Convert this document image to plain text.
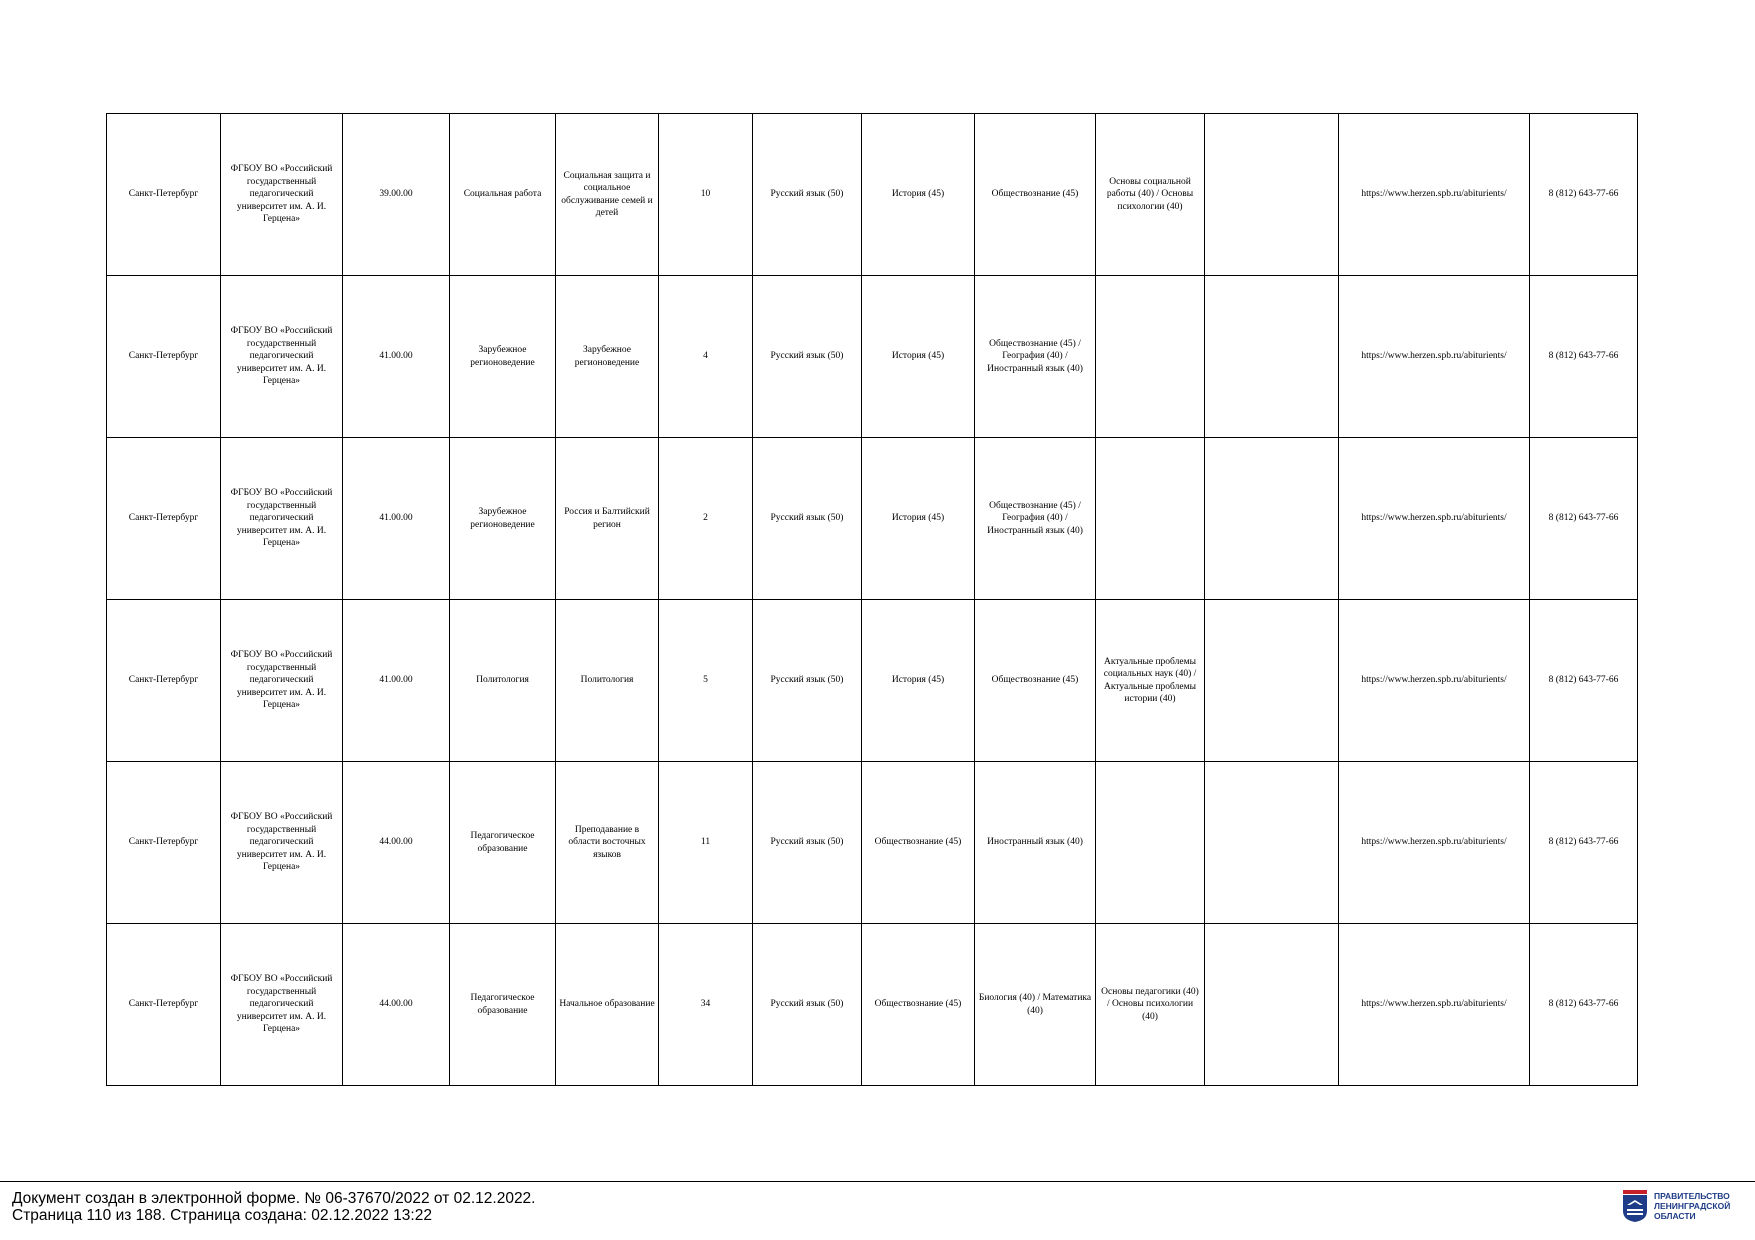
Санкт-Петербург	ФГБОУ ВО «Российский государственный педагогический университет им. А. И. Герцена»	39.00.00	Социальная работа	Социальная защита и социальное обслуживание семей и детей	10	Русский язык (50)	История (45)	Обществознание (45)	Основы социальной работы (40) / Основы психологии (40)		https://www.herzen.spb.ru/abiturients/	8 (812) 643-77-66
Санкт-Петербург	ФГБОУ ВО «Российский государственный педагогический университет им. А. И. Герцена»	41.00.00	Зарубежное регионоведение	Зарубежное регионоведение	4	Русский язык (50)	История (45)	Обществознание (45) / География (40) / Иностранный язык (40)			https://www.herzen.spb.ru/abiturients/	8 (812) 643-77-66
Санкт-Петербург	ФГБОУ ВО «Российский государственный педагогический университет им. А. И. Герцена»	41.00.00	Зарубежное регионоведение	Россия и Балтийский регион	2	Русский язык (50)	История (45)	Обществознание (45) / География (40) / Иностранный язык (40)			https://www.herzen.spb.ru/abiturients/	8 (812) 643-77-66
Санкт-Петербург	ФГБОУ ВО «Российский государственный педагогический университет им. А. И. Герцена»	41.00.00	Политология	Политология	5	Русский язык (50)	История (45)	Обществознание (45)	Актуальные проблемы социальных наук (40) / Актуальные проблемы истории (40)		https://www.herzen.spb.ru/abiturients/	8 (812) 643-77-66
Санкт-Петербург	ФГБОУ ВО «Российский государственный педагогический университет им. А. И. Герцена»	44.00.00	Педагогическое образование	Преподавание в области восточных языков	11	Русский язык (50)	Обществознание (45)	Иностранный язык (40)			https://www.herzen.spb.ru/abiturients/	8 (812) 643-77-66
Санкт-Петербург	ФГБОУ ВО «Российский государственный педагогический университет им. А. И. Герцена»	44.00.00	Педагогическое образование	Начальное образование	34	Русский язык (50)	Обществознание (45)	Биология (40) / Математика (40)	Основы педагогики (40) / Основы психологии (40)		https://www.herzen.spb.ru/abiturients/	8 (812) 643-77-66
Документ создан в электронной форме. № 06-37670/2022 от 02.12.2022.
Страница 110 из 188. Страница создана: 02.12.2022 13:22
ПРАВИТЕЛЬСТВО
ЛЕНИНГРАДСКОЙ
ОБЛАСТИ
